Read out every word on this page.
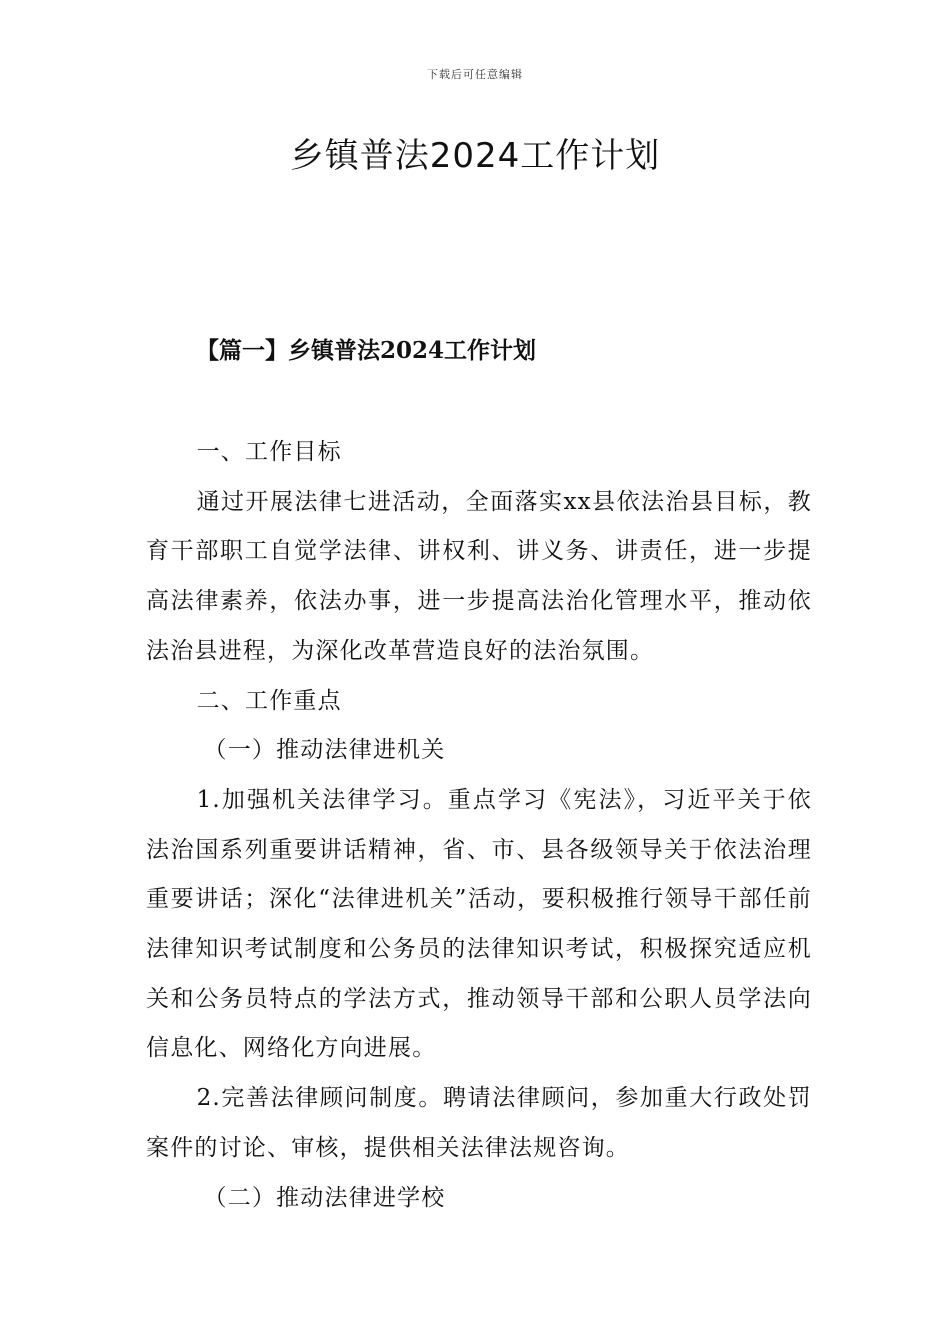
下载后可任意编辑
乡镇普法2024工作计划
【篇一】乡镇普法2024工作计划

一、工作目标

通过开展法律七进活动，全面落实xx县依法治县目标，教育干部职工自觉学法律、讲权利、讲义务、讲责任，进一步提高法律素养，依法办事，进一步提高法治化管理水平，推动依法治县进程，为深化改革营造良好的法治氛围。

二、工作重点

（一）推动法律进机关

1.加强机关法律学习。重点学习《宪法》，习近平关于依法治国系列重要讲话精神，省、市、县各级领导关于依法治理重要讲话；深化“法律进机关”活动，要积极推行领导干部任前法律知识考试制度和公务员的法律知识考试，积极探究适应机关和公务员特点的学法方式，推动领导干部和公职人员学法向信息化、网络化方向进展。

2.完善法律顾问制度。聘请法律顾问，参加重大行政处罚案件的讨论、审核，提供相关法律法规咨询。

（二）推动法律进学校
